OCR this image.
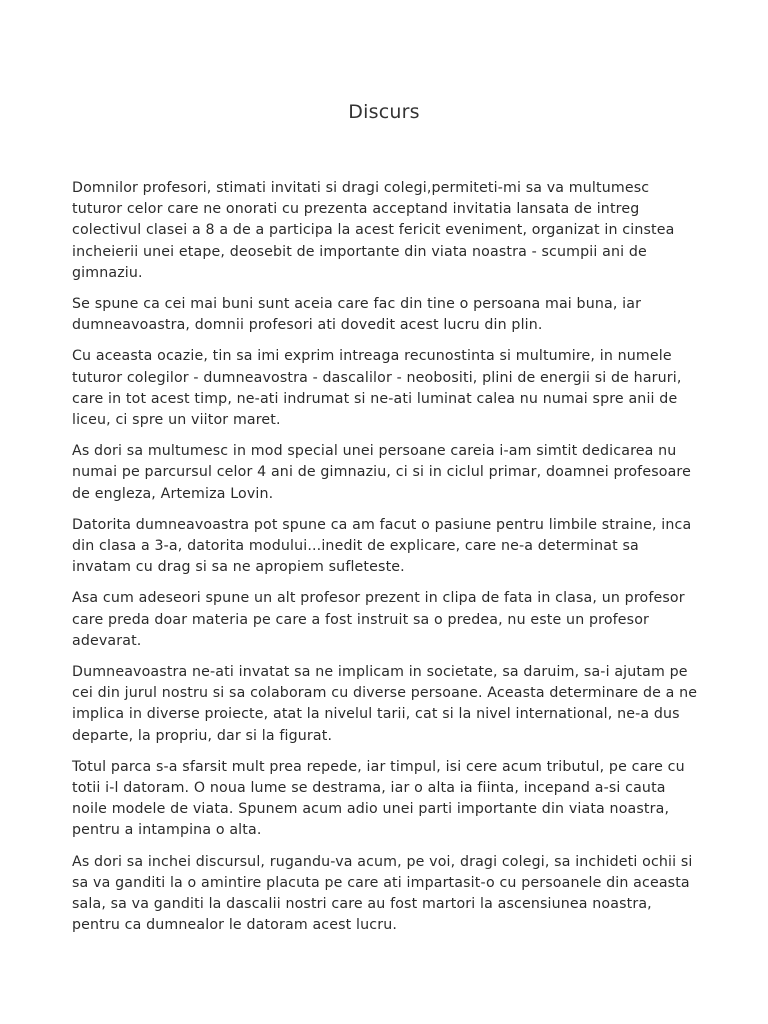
Discurs

Domnilor profesori, stimati invitati si dragi colegi,permiteti-mi sa va multumesc tuturor celor care ne onorati cu prezenta acceptand invitatia lansata de intreg colectivul clasei a 8 a de a participa la acest fericit eveniment, organizat in cinstea incheierii unei etape, deosebit de importante din viata noastra - scumpii ani de gimnaziu.

Se spune ca cei mai buni sunt aceia care fac din tine o persoana mai buna, iar dumneavoastra, domnii profesori ati dovedit acest lucru din plin.

Cu aceasta ocazie, tin sa imi exprim intreaga recunostinta si multumire, in numele tuturor colegilor - dumneavostra - dascalilor - neobositi, plini de energii si de haruri, care in tot acest timp, ne-ati indrumat si ne-ati luminat calea nu numai spre anii de liceu, ci spre un viitor maret.

As dori sa multumesc in mod special unei persoane careia i-am simtit dedicarea nu numai pe parcursul celor 4 ani de gimnaziu, ci si in ciclul primar, doamnei profesoare de engleza, Artemiza Lovin.

Datorita dumneavoastra pot spune ca am facut o pasiune pentru limbile straine, inca din clasa a 3-a, datorita modului...inedit de explicare, care ne-a determinat sa invatam cu drag si sa ne apropiem sufleteste.

Asa cum adeseori spune un alt profesor prezent in clipa de fata in clasa, un profesor care preda doar materia pe care a fost instruit sa o predea, nu este un profesor adevarat.

Dumneavoastra ne-ati invatat sa ne implicam in societate, sa daruim, sa-i ajutam pe cei din jurul nostru si sa colaboram cu diverse persoane. Aceasta determinare de a ne implica in diverse proiecte, atat la nivelul tarii, cat si la nivel international, ne-a dus departe, la propriu, dar si la figurat.

Totul parca s-a sfarsit mult prea repede, iar timpul, isi cere acum tributul, pe care cu totii i-l datoram. O noua lume se destrama, iar o alta ia fiinta, incepand a-si cauta noile modele de viata. Spunem acum adio unei parti importante din viata noastra, pentru a intampina o alta.

As dori sa inchei discursul, rugandu-va acum, pe voi, dragi colegi, sa inchideti ochii si sa va ganditi la o amintire placuta pe care ati impartasit-o cu persoanele din aceasta sala, sa va ganditi la dascalii nostri care au fost martori la ascensiunea noastra, pentru ca dumnealor le datoram acest lucru.
